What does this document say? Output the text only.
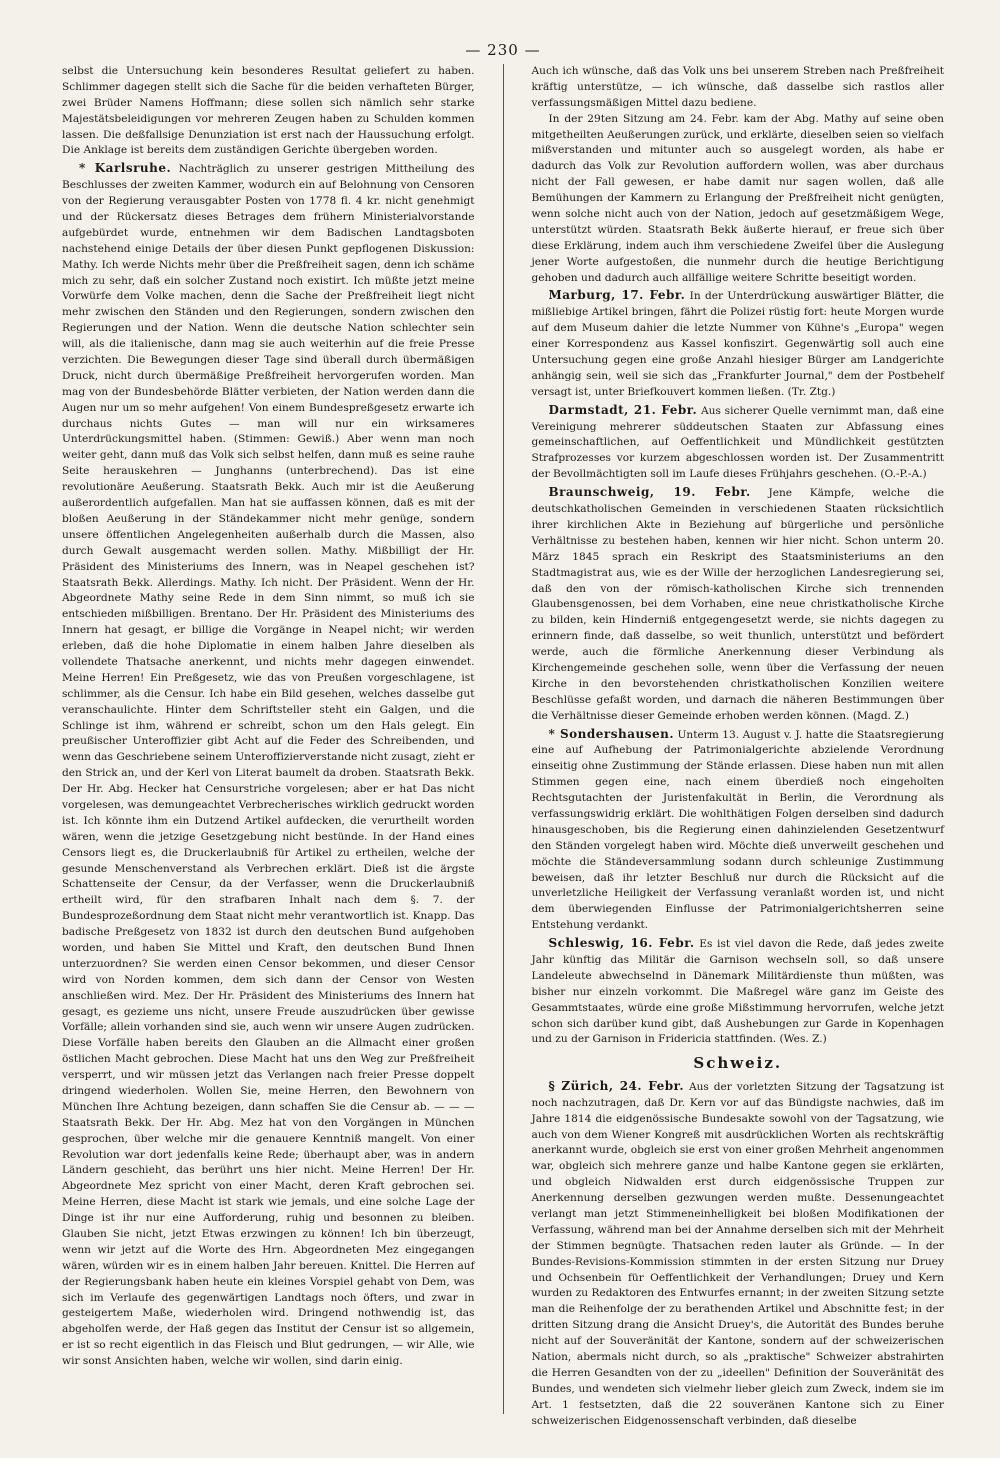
— 230 —

selbst die Untersuchung kein besonderes Resultat geliefert zu haben. Schlimmer dagegen stellt sich die Sache für die beiden verhafteten Bürger, zwei Brüder Namens Hoffmann; diese sollen sich nämlich sehr starke Majestätsbeleidigungen vor mehreren Zeugen haben zu Schulden kommen lassen. Die deßfallsige Denunziation ist erst nach der Haussuchung erfolgt. Die Anklage ist bereits dem zuständigen Gerichte übergeben worden.

* Karlsruhe. Nachträglich zu unserer gestrigen Mittheilung des Beschlusses der zweiten Kammer, wodurch ein auf Belohnung von Censoren von der Regierung verausgabter Posten von 1778 fl. 4 kr. nicht genehmigt und der Rückersatz dieses Betrages dem frühern Ministerialvorstande aufgebürdet wurde, entnehmen wir dem Badischen Landtagsboten nachstehend einige Details der über diesen Punkt gepflogenen Diskussion: Mathy. Ich werde Nichts mehr über die Preßfreiheit sagen, denn ich schäme mich zu sehr, daß ein solcher Zustand noch existirt. Ich müßte jetzt meine Vorwürfe dem Volke machen, denn die Sache der Preßfreiheit liegt nicht mehr zwischen den Ständen und den Regierungen, sondern zwischen den Regierungen und der Nation. Wenn die deutsche Nation schlechter sein will, als die italienische, dann mag sie auch weiterhin auf die freie Presse verzichten. Die Bewegungen dieser Tage sind überall durch übermäßigen Druck, nicht durch übermäßige Preßfreiheit hervorgerufen worden. Man mag von der Bundesbehörde Blätter verbieten, der Nation werden dann die Augen nur um so mehr aufgehen! Von einem Bundespreßgesetz erwarte ich durchaus nichts Gutes — man will nur ein wirksameres Unterdrückungsmittel haben. (Stimmen: Gewiß.) Aber wenn man noch weiter geht, dann muß das Volk sich selbst helfen, dann muß es seine rauhe Seite herauskehren — Junghanns (unterbrechend). Das ist eine revolutionäre Aeußerung. Staatsrath Bekk. Auch mir ist die Aeußerung außerordentlich aufgefallen. Man hat sie auffassen können, daß es mit der bloßen Aeußerung in der Ständekammer nicht mehr genüge, sondern unsere öffentlichen Angelegenheiten außerhalb durch die Massen, also durch Gewalt ausgemacht werden sollen. Mathy. Mißbilligt der Hr. Präsident des Ministeriums des Innern, was in Neapel geschehen ist? Staatsrath Bekk. Allerdings. Mathy. Ich nicht. Der Präsident. Wenn der Hr. Abgeordnete Mathy seine Rede in dem Sinn nimmt, so muß ich sie entschieden mißbilligen. Brentano. Der Hr. Präsident des Ministeriums des Innern hat gesagt, er billige die Vorgänge in Neapel nicht; wir werden erleben, daß die hohe Diplomatie in einem halben Jahre dieselben als vollendete Thatsache anerkennt, und nichts mehr dagegen einwendet. Meine Herren! Ein Preßgesetz, wie das von Preußen vorgeschlagene, ist schlimmer, als die Censur. Ich habe ein Bild gesehen, welches dasselbe gut veranschaulichte. Hinter dem Schriftsteller steht ein Galgen, und die Schlinge ist ihm, während er schreibt, schon um den Hals gelegt. Ein preußischer Unteroffizier gibt Acht auf die Feder des Schreibenden, und wenn das Geschriebene seinem Unteroffizierverstande nicht zusagt, zieht er den Strick an, und der Kerl von Literat baumelt da droben. Staatsrath Bekk. Der Hr. Abg. Hecker hat Censurstriche vorgelesen; aber er hat Das nicht vorgelesen, was demungeachtet Verbrecherisches wirklich gedruckt worden ist. Ich könnte ihm ein Dutzend Artikel aufdecken, die verurtheilt worden wären, wenn die jetzige Gesetzgebung nicht bestünde. In der Hand eines Censors liegt es, die Druckerlaubniß für Artikel zu ertheilen, welche der gesunde Menschenverstand als Verbrechen erklärt. Dieß ist die ärgste Schattenseite der Censur, da der Verfasser, wenn die Druckerlaubniß ertheilt wird, für den strafbaren Inhalt nach dem §. 7. der Bundesprozeßordnung dem Staat nicht mehr verantwortlich ist. Knapp. Das badische Preßgesetz von 1832 ist durch den deutschen Bund aufgehoben worden, und haben Sie Mittel und Kraft, den deutschen Bund Ihnen unterzuordnen? Sie werden einen Censor bekommen, und dieser Censor wird von Norden kommen, dem sich dann der Censor von Westen anschließen wird. Mez. Der Hr. Präsident des Ministeriums des Innern hat gesagt, es gezieme uns nicht, unsere Freude auszudrücken über gewisse Vorfälle; allein vorhanden sind sie, auch wenn wir unsere Augen zudrücken. Diese Vorfälle haben bereits den Glauben an die Allmacht einer großen östlichen Macht gebrochen. Diese Macht hat uns den Weg zur Preßfreiheit versperrt, und wir müssen jetzt das Verlangen nach freier Presse doppelt dringend wiederholen. Wollen Sie, meine Herren, den Bewohnern von München Ihre Achtung bezeigen, dann schaffen Sie die Censur ab. — — — Staatsrath Bekk. Der Hr. Abg. Mez hat von den Vorgängen in München gesprochen, über welche mir die genauere Kenntniß mangelt. Von einer Revolution war dort jedenfalls keine Rede; überhaupt aber, was in andern Ländern geschieht, das berührt uns hier nicht. Meine Herren! Der Hr. Abgeordnete Mez spricht von einer Macht, deren Kraft gebrochen sei. Meine Herren, diese Macht ist stark wie jemals, und eine solche Lage der Dinge ist ihr nur eine Aufforderung, ruhig und besonnen zu bleiben. Glauben Sie nicht, jetzt Etwas erzwingen zu können! Ich bin überzeugt, wenn wir jetzt auf die Worte des Hrn. Abgeordneten Mez eingegangen wären, würden wir es in einem halben Jahr bereuen. Knittel. Die Herren auf der Regierungsbank haben heute ein kleines Vorspiel gehabt von Dem, was sich im Verlaufe des gegenwärtigen Landtags noch öfters, und zwar in gesteigertem Maße, wiederholen wird. Dringend nothwendig ist, das abgeholfen werde, der Haß gegen das Institut der Censur ist so allgemein, er ist so recht eigentlich in das Fleisch und Blut gedrungen, — wir Alle, wie wir sonst Ansichten haben, welche wir wollen, sind darin einig.

Auch ich wünsche, daß das Volk uns bei unserem Streben nach Preßfreiheit kräftig unterstütze, — ich wünsche, daß dasselbe sich rastlos aller verfassungsmäßigen Mittel dazu bediene.

In der 29ten Sitzung am 24. Febr. kam der Abg. Mathy auf seine oben mitgetheilten Aeußerungen zurück, und erklärte, dieselben seien so vielfach mißverstanden und mitunter auch so ausgelegt worden, als habe er dadurch das Volk zur Revolution auffordern wollen, was aber durchaus nicht der Fall gewesen, er habe damit nur sagen wollen, daß alle Bemühungen der Kammern zu Erlangung der Preßfreiheit nicht genügten, wenn solche nicht auch von der Nation, jedoch auf gesetzmäßigem Wege, unterstützt würden. Staatsrath Bekk äußerte hierauf, er freue sich über diese Erklärung, indem auch ihm verschiedene Zweifel über die Auslegung jener Worte aufgestoßen, die nunmehr durch die heutige Berichtigung gehoben und dadurch auch allfällige weitere Schritte beseitigt worden.

Marburg, 17. Febr. In der Unterdrückung auswärtiger Blätter, die mißliebige Artikel bringen, fährt die Polizei rüstig fort: heute Morgen wurde auf dem Museum dahier die letzte Nummer von Kühne's „Europa" wegen einer Korrespondenz aus Kassel konfiszirt. Gegenwärtig soll auch eine Untersuchung gegen eine große Anzahl hiesiger Bürger am Landgerichte anhängig sein, weil sie sich das „Frankfurter Journal," dem der Postbehelf versagt ist, unter Briefkouvert kommen ließen. (Tr. Ztg.)

Darmstadt, 21. Febr. Aus sicherer Quelle vernimmt man, daß eine Vereinigung mehrerer süddeutschen Staaten zur Abfassung eines gemeinschaftlichen, auf Oeffentlichkeit und Mündlichkeit gestützten Strafprozesses vor kurzem abgeschlossen worden ist. Der Zusammentritt der Bevollmächtigten soll im Laufe dieses Frühjahrs geschehen. (O.-P.-A.)

Braunschweig, 19. Febr. Jene Kämpfe, welche die deutschkatholischen Gemeinden in verschiedenen Staaten rücksichtlich ihrer kirchlichen Akte in Beziehung auf bürgerliche und persönliche Verhältnisse zu bestehen haben, kennen wir hier nicht. Schon unterm 20. März 1845 sprach ein Reskript des Staatsministeriums an den Stadtmagistrat aus, wie es der Wille der herzoglichen Landesregierung sei, daß den von der römisch-katholischen Kirche sich trennenden Glaubensgenossen, bei dem Vorhaben, eine neue christkatholische Kirche zu bilden, kein Hinderniß entgegengesetzt werde, sie nichts dagegen zu erinnern finde, daß dasselbe, so weit thunlich, unterstützt und befördert werde, auch die förmliche Anerkennung dieser Verbindung als Kirchengemeinde geschehen solle, wenn über die Verfassung der neuen Kirche in den bevorstehenden christkatholischen Konzilien weitere Beschlüsse gefaßt worden, und darnach die näheren Bestimmungen über die Verhältnisse dieser Gemeinde erhoben werden können. (Magd. Z.)

* Sondershausen. Unterm 13. August v. J. hatte die Staatsregierung eine auf Aufhebung der Patrimonialgerichte abzielende Verordnung einseitig ohne Zustimmung der Stände erlassen. Diese haben nun mit allen Stimmen gegen eine, nach einem überdieß noch eingeholten Rechtsgutachten der Juristenfakultät in Berlin, die Verordnung als verfassungswidrig erklärt. Die wohlthätigen Folgen derselben sind dadurch hinausgeschoben, bis die Regierung einen dahinzielenden Gesetzentwurf den Ständen vorgelegt haben wird. Möchte dieß unverweilt geschehen und möchte die Ständeversammlung sodann durch schleunige Zustimmung beweisen, daß ihr letzter Beschluß nur durch die Rücksicht auf die unverletzliche Heiligkeit der Verfassung veranlaßt worden ist, und nicht dem überwiegenden Einflusse der Patrimonialgerichtsherren seine Entstehung verdankt.

Schleswig, 16. Febr. Es ist viel davon die Rede, daß jedes zweite Jahr künftig das Militär die Garnison wechseln soll, so daß unsere Landeleute abwechselnd in Dänemark Militärdienste thun müßten, was bisher nur einzeln vorkommt. Die Maßregel wäre ganz im Geiste des Gesammtstaates, würde eine große Mißstimmung hervorrufen, welche jetzt schon sich darüber kund gibt, daß Aushebungen zur Garde in Kopenhagen und zu der Garnison in Fridericia stattfinden. (Wes. Z.)

Schweiz.

§ Zürich, 24. Febr. Aus der vorletzten Sitzung der Tagsatzung ist noch nachzutragen, daß Dr. Kern vor auf das Bündigste nachwies, daß im Jahre 1814 die eidgenössische Bundesakte sowohl von der Tagsatzung, wie auch von dem Wiener Kongreß mit ausdrücklichen Worten als rechtskräftig anerkannt wurde, obgleich sie erst von einer großen Mehrheit angenommen war, obgleich sich mehrere ganze und halbe Kantone gegen sie erklärten, und obgleich Nidwalden erst durch eidgenössische Truppen zur Anerkennung derselben gezwungen werden mußte. Dessenungeachtet verlangt man jetzt Stimmeneinhelligkeit bei bloßen Modifikationen der Verfassung, während man bei der Annahme derselben sich mit der Mehrheit der Stimmen begnügte. Thatsachen reden lauter als Gründe. — In der Bundes-Revisions-Kommission stimmten in der ersten Sitzung nur Druey und Ochsenbein für Oeffentlichkeit der Verhandlungen; Druey und Kern wurden zu Redaktoren des Entwurfes ernannt; in der zweiten Sitzung setzte man die Reihenfolge der zu berathenden Artikel und Abschnitte fest; in der dritten Sitzung drang die Ansicht Druey's, die Autorität des Bundes beruhe nicht auf der Souveränität der Kantone, sondern auf der schweizerischen Nation, abermals nicht durch, so als „praktische" Schweizer abstrahirten die Herren Gesandten von der zu „ideellen" Definition der Souveränität des Bundes, und wendeten sich vielmehr lieber gleich zum Zweck, indem sie im Art. 1 festsetzten, daß die 22 souveränen Kantone sich zu Einer schweizerischen Eidgenossenschaft verbinden, daß dieselbe
